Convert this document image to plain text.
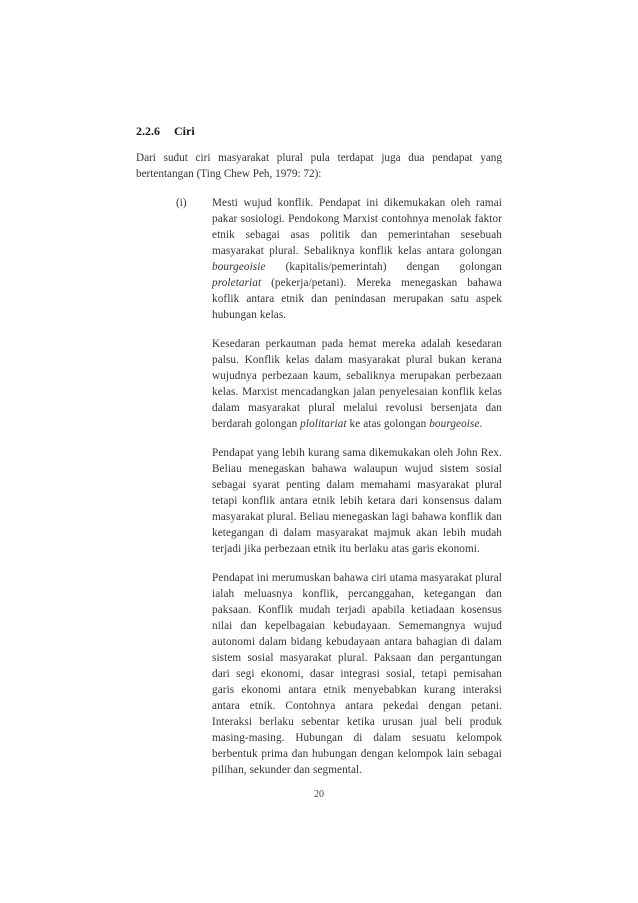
2.2.6 Ciri
Dari sudut ciri masyarakat plural pula terdapat juga dua pendapat yang bertentangan (Ting Chew Peh, 1979: 72):
(i) Mesti wujud konflik. Pendapat ini dikemukakan oleh ramai pakar sosiologi. Pendokong Marxist contohnya menolak faktor etnik sebagai asas politik dan pemerintahan sesebuah masyarakat plural. Sebaliknya konflik kelas antara golongan bourgeoisie (kapitalis/pemerintah) dengan golongan proletariat (pekerja/petani). Mereka menegaskan bahawa koflik antara etnik dan penindasan merupakan satu aspek hubungan kelas.

Kesedaran perkauman pada hemat mereka adalah kesedaran palsu. Konflik kelas dalam masyarakat plural bukan kerana wujudnya perbezaan kaum, sebaliknya merupakan perbezaan kelas. Marxist mencadangkan jalan penyelesaian konflik kelas dalam masyarakat plural melalui revolusi bersenjata dan berdarah golongan plolitariat ke atas golongan bourgeoise.

Pendapat yang lebih kurang sama dikemukakan oleh John Rex. Beliau menegaskan bahawa walaupun wujud sistem sosial sebagai syarat penting dalam memahami masyarakat plural tetapi konflik antara etnik lebih ketara dari konsensus dalam masyarakat plural. Beliau menegaskan lagi bahawa konflik dan ketegangan di dalam masyarakat majmuk akan lebih mudah terjadi jika perbezaan etnik itu berlaku atas garis ekonomi.

Pendapat ini merumuskan bahawa ciri utama masyarakat plural ialah meluasnya konflik, percanggahan, ketegangan dan paksaan. Konflik mudah terjadi apabila ketiadaan kosensus nilai dan kepelbagaian kebudayaan. Sememangnya wujud autonomi dalam bidang kebudayaan antara bahagian di dalam sistem sosial masyarakat plural. Paksaan dan pergantungan dari segi ekonomi, dasar integrasi sosial, tetapi pemisahan garis ekonomi antara etnik menyebabkan kurang interaksi antara etnik. Contohnya antara pekedai dengan petani. Interaksi berlaku sebentar ketika urusan jual beli produk masing-masing. Hubungan di dalam sesuatu kelompok berbentuk prima dan hubungan dengan kelompok lain sebagai pilihan, sekunder dan segmental.

20
